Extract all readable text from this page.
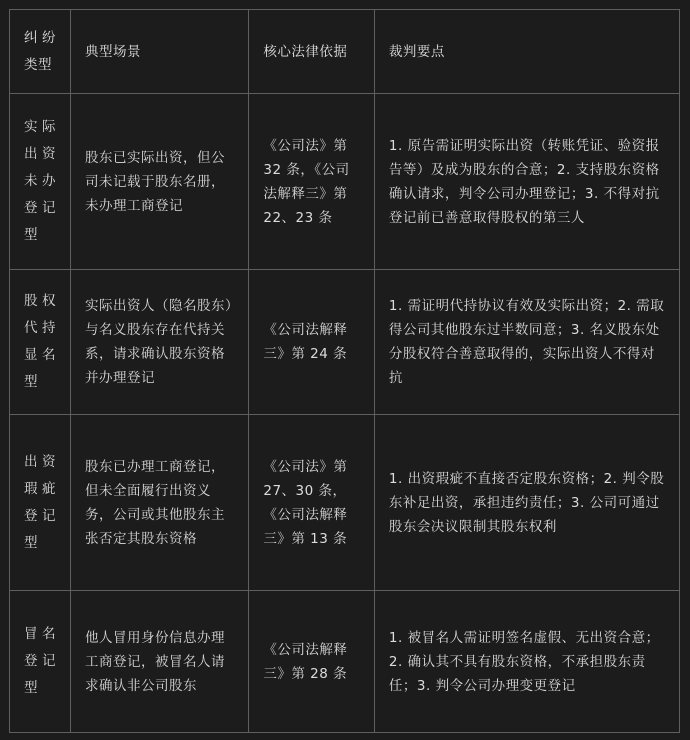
纠纷类型	典型场景	核心法律依据	裁判要点

实际出资未办登记型	股东已实际出资，但公司未记载于股东名册，未办理工商登记	《公司法》第 32 条，《公司法解释三》第 22、23 条	1. 原告需证明实际出资（转账凭证、验资报告等）及成为股东的合意；2. 支持股东资格确认请求，判令公司办理登记；3. 不得对抗登记前已善意取得股权的第三人

股权代持显名型	实际出资人（隐名股东）与名义股东存在代持关系，请求确认股东资格并办理登记	《公司法解释三》第 24 条	1. 需证明代持协议有效及实际出资；2. 需取得公司其他股东过半数同意；3. 名义股东处分股权符合善意取得的，实际出资人不得对抗

出资瑕疵登记型	股东已办理工商登记，但未全面履行出资义务，公司或其他股东主张否定其股东资格	《公司法》第 27、30 条，《公司法解释三》第 13 条	1. 出资瑕疵不直接否定股东资格；2. 判令股东补足出资，承担违约责任；3. 公司可通过股东会决议限制其股东权利

冒名登记型	他人冒用身份信息办理工商登记，被冒名人请求确认非公司股东	《公司法解释三》第 28 条	1. 被冒名人需证明签名虚假、无出资合意；2. 确认其不具有股东资格，不承担股东责任；3. 判令公司办理变更登记
